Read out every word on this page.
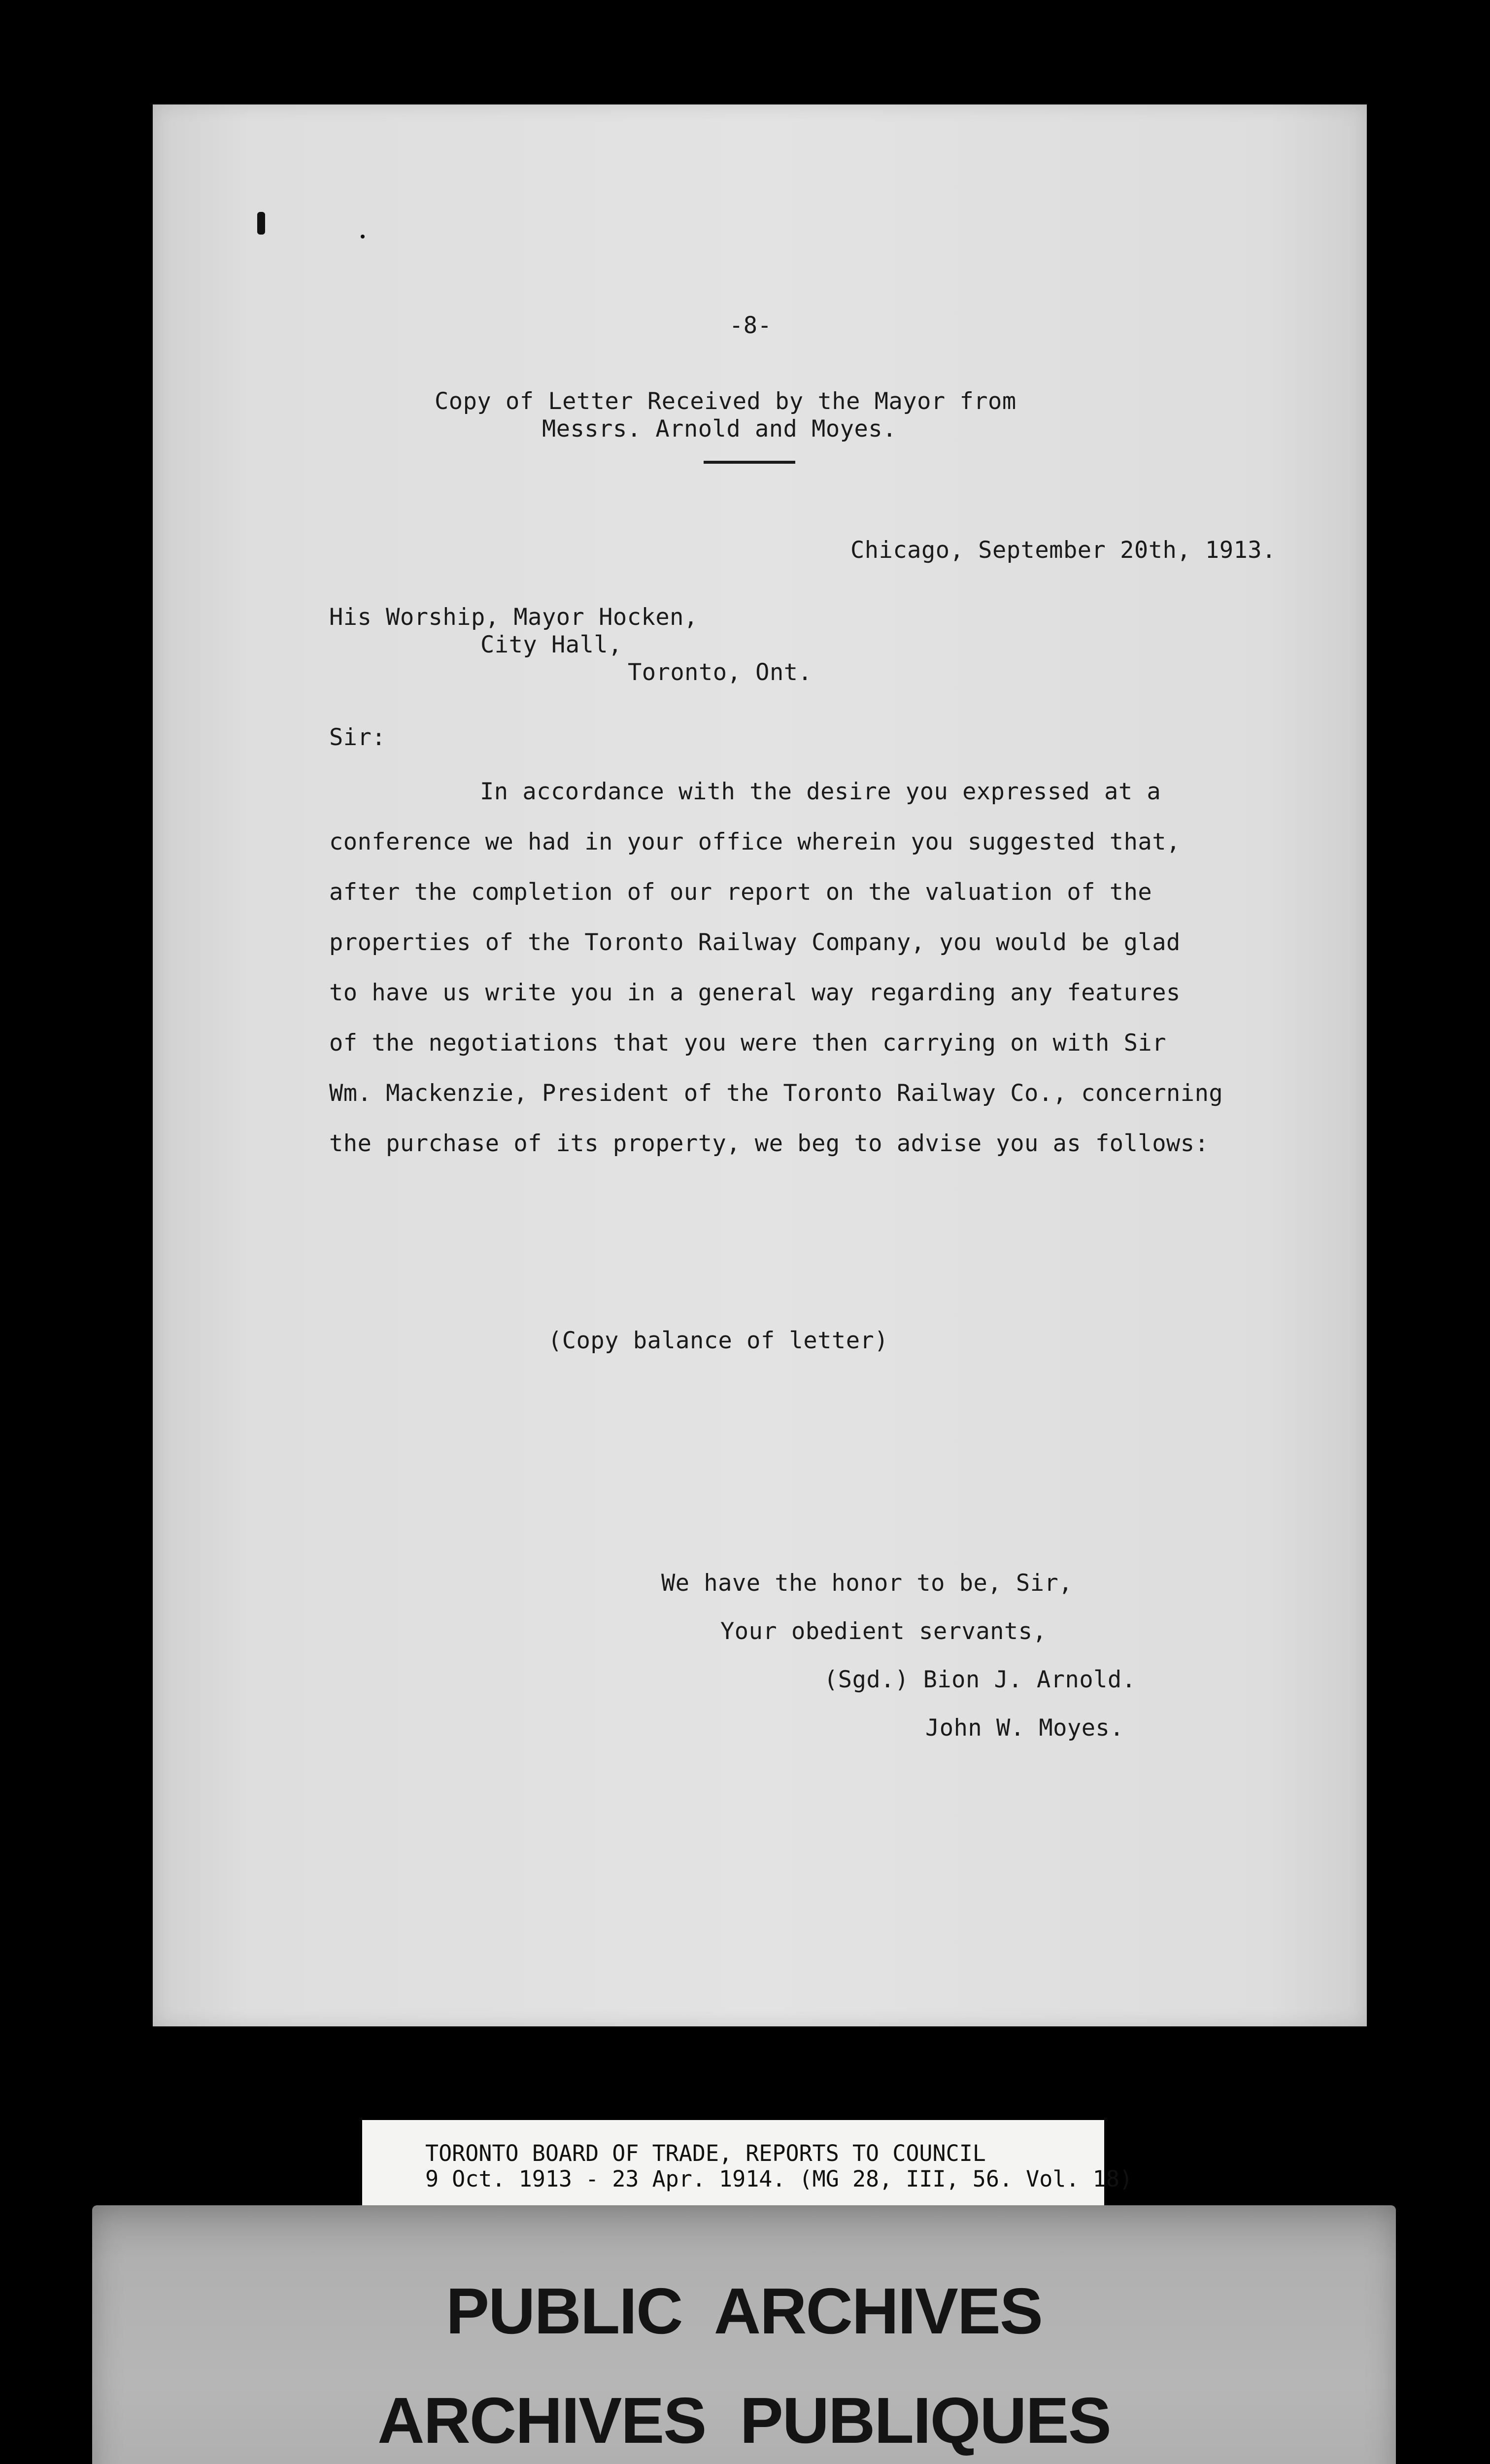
-8-
Copy of Letter Received by the Mayor from
Messrs. Arnold and Moyes.
Chicago, September 20th, 1913.
His Worship, Mayor Hocken,
City Hall,
Toronto, Ont.
Sir:
In accordance with the desire you expressed at a
conference we had in your office wherein you suggested that,
after the completion of our report on the valuation of the
properties of the Toronto Railway Company, you would be glad
to have us write you in a general way regarding any features
of the negotiations that you were then carrying on with Sir
Wm. Mackenzie, President of the Toronto Railway Co., concerning
the purchase of its property, we beg to advise you as follows:
(Copy balance of letter)
We have the honor to be, Sir,
Your obedient servants,
(Sgd.) Bion J. Arnold.
John W. Moyes.
TORONTO BOARD OF TRADE, REPORTS TO COUNCIL
9 Oct. 1913 - 23 Apr. 1914. (MG 28, III, 56. Vol. 18)
PUBLIC  ARCHIVES
ARCHIVES  PUBLIQUES
